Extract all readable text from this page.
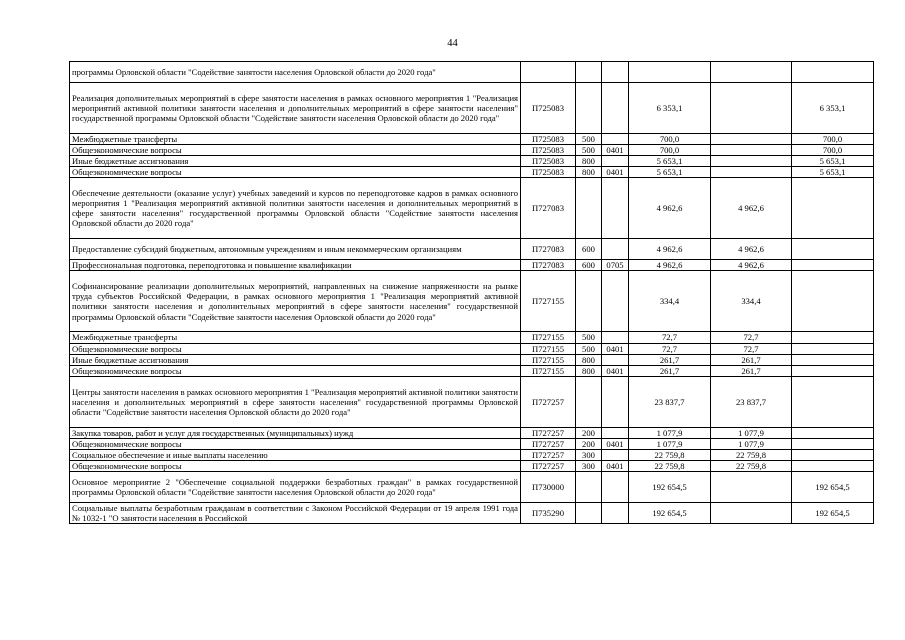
44
программы Орловской области "Содействие занятости населения Орловской области до 2020 года"						
Реализация дополнительных мероприятий в сфере занятости населения в рамках основного мероприятия 1 "Реализация мероприятий активной политики занятости населения и дополнительных мероприятий в сфере занятости населения" государственной программы Орловской области "Содействие занятости населения Орловской области до 2020 года"	П725083			6 353,1		6 353,1
Межбюджетные трансферты	П725083	500		700,0		700,0
Общеэкономические вопросы	П725083	500	0401	700,0		700,0
Иные бюджетные ассигнования	П725083	800		5 653,1		5 653,1
Общеэкономические вопросы	П725083	800	0401	5 653,1		5 653,1
Обеспечение деятельности (оказание услуг) учебных заведений и курсов по переподготовке кадров в рамках основного мероприятия 1 "Реализация мероприятий активной политики занятости населения и дополнительных мероприятий в сфере занятости населения" государственной программы Орловской области "Содействие занятости населения Орловской области до 2020 года"	П727083			4 962,6	4 962,6	
Предоставление субсидий бюджетным, автономным учреждениям и иным некоммерческим организациям	П727083	600		4 962,6	4 962,6	
Профессиональная подготовка, переподготовка и повышение квалификации	П727083	600	0705	4 962,6	4 962,6	
Софинансирование реализации дополнительных мероприятий, направленных на снижение напряженности на рынке труда субъектов Российской Федерации, в рамках основного мероприятия 1 "Реализация мероприятий активной политики занятости населения и дополнительных мероприятий в сфере занятости населения" государственной программы Орловской области "Содействие занятости населения Орловской области до 2020 года"	П727155			334,4	334,4	
Межбюджетные трансферты	П727155	500		72,7	72,7	
Общеэкономические вопросы	П727155	500	0401	72,7	72,7	
Иные бюджетные ассигнования	П727155	800		261,7	261,7	
Общеэкономические вопросы	П727155	800	0401	261,7	261,7	
Центры занятости населения в рамках основного мероприятия 1 "Реализация мероприятий активной политики занятости населения и дополнительных мероприятий в сфере занятости населения" государственной программы Орловской области "Содействие занятости населения Орловской области до 2020 года"	П727257			23 837,7	23 837,7	
Закупка товаров, работ и услуг для государственных (муниципальных) нужд	П727257	200		1 077,9	1 077,9	
Общеэкономические вопросы	П727257	200	0401	1 077,9	1 077,9	
Социальное обеспечение и иные выплаты населению	П727257	300		22 759,8	22 759,8	
Общеэкономические вопросы	П727257	300	0401	22 759,8	22 759,8	
Основное мероприятие 2 "Обеспечение социальной поддержки безработных граждан" в рамках государственной программы Орловской области "Содействие занятости населения Орловской области до 2020 года"	П730000			192 654,5		192 654,5
Социальные выплаты безработным гражданам в соответствии с Законом Российской Федерации от 19 апреля 1991 года № 1032-1 "О занятости населения в Российской	П735290			192 654,5		192 654,5
